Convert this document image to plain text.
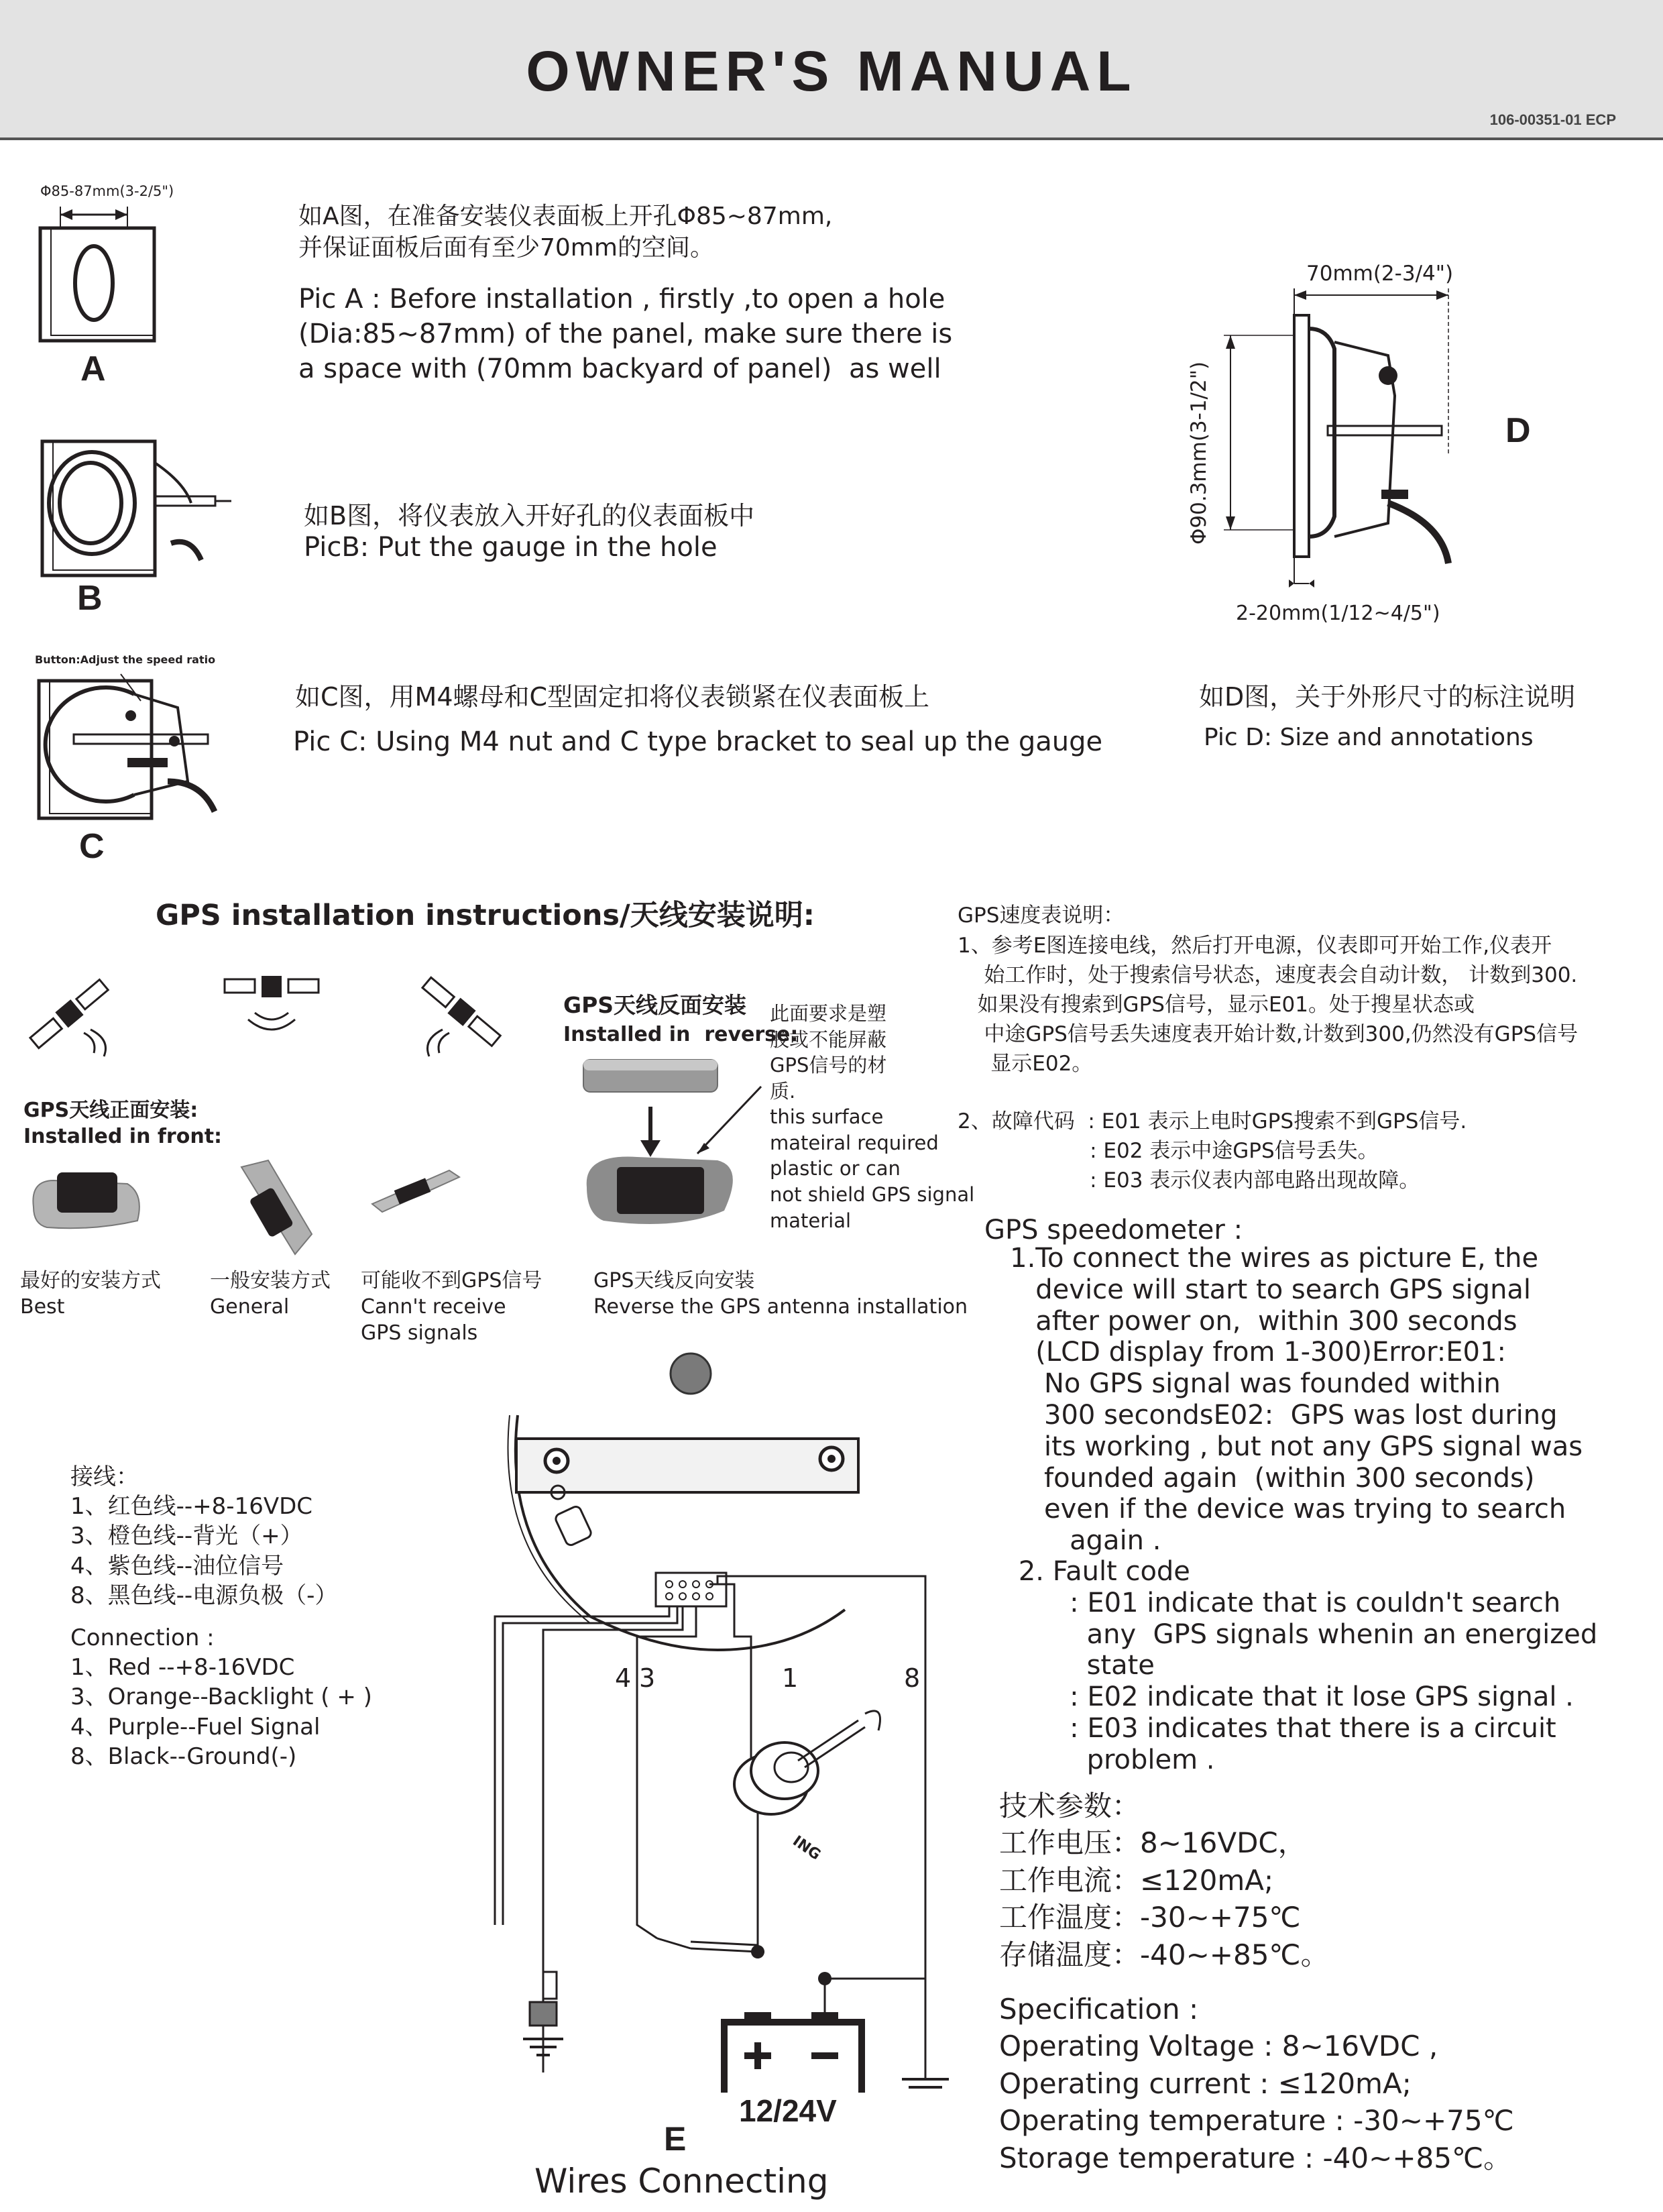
OWNER'S MANUAL
106-00351-01 ECP
Φ85-87mm(3-2/5")
A
如A图，在准备安装仪表面板上开孔Φ85~87mm,
并保证面板后面有至少70mm的空间。
Pic A : Before installation , firstly ,to open a hole
(Dia:85~87mm) of the panel, make sure there is
a space with (70mm backyard of panel)  as well
B
如B图，将仪表放入开好孔的仪表面板中
PicB: Put the gauge in the hole
Button:Adjust the speed ratio
C
如C图，用M4螺母和C型固定扣将仪表锁紧在仪表面板上
Pic C: Using M4 nut and C type bracket to seal up the gauge
70mm(2-3/4")
Φ90.3mm(3-1/2")	D
2-20mm(1/12~4/5")
如D图，关于外形尺寸的标注说明
Pic D: Size and annotations
GPS installation instructions/天线安装说明:
GPS天线反面安装
Installed in  reverse:
此面要求是塑
胶或不能屏蔽
GPS信号的材
质.
this surface
mateiral required
plastic or can
not shield GPS signal
material
GPS天线正面安装:
Installed in front:
最好的安装方式
Best
一般安装方式
General
可能收不到GPS信号
Cann't receive
GPS signals
GPS天线反向安装
Reverse the GPS antenna installation
GPS速度表说明：
1、参考E图连接电线，然后打开电源，仪表即可开始工作,仪表开
始工作时，处于搜索信号状态，速度表会自动计数， 计数到300.
如果没有搜索到GPS信号，显示E01。处于搜星状态或
中途GPS信号丢失速度表开始计数,计数到300,仍然没有GPS信号
显示E02。
2、故障代码  : E01 表示上电时GPS搜索不到GPS信号.
: E02 表示中途GPS信号丢失。
: E03 表示仪表内部电路出现故障。
GPS speedometer :
1.To connect the wires as picture E, the
device will start to search GPS signal
after power on,  within 300 seconds
(LCD display from 1-300)Error:E01:
No GPS signal was founded within
300 secondsE02:  GPS was lost during
its working , but not any GPS signal was
founded again  (within 300 seconds)
even if the device was trying to search
again .
2. Fault code
: E01 indicate that is couldn't search
any  GPS signals whenin an energized
state
: E02 indicate that it lose GPS signal .
: E03 indicates that there is a circuit
problem .
技术参数：
工作电压：8~16VDC，
工作电流：≤120mA;
工作温度：-30~+75℃
存储温度：-40~+85℃。
Specification :
Operating Voltage : 8~16VDC ,
Operating current : ≤120mA;
Operating temperature : -30~+75℃
Storage temperature : -40~+85℃。
接线：
1、红色线--+8-16VDC
3、橙色线--背光（+）
4、紫色线--油位信号
8、黑色线--电源负极（-）
Connection :
1、Red --+8-16VDC
3、Orange--Backlight ( + )
4、Purple--Fuel Signal
8、Black--Ground(-)
4 3	1	8
ING
12/24V
E
Wires Connecting
